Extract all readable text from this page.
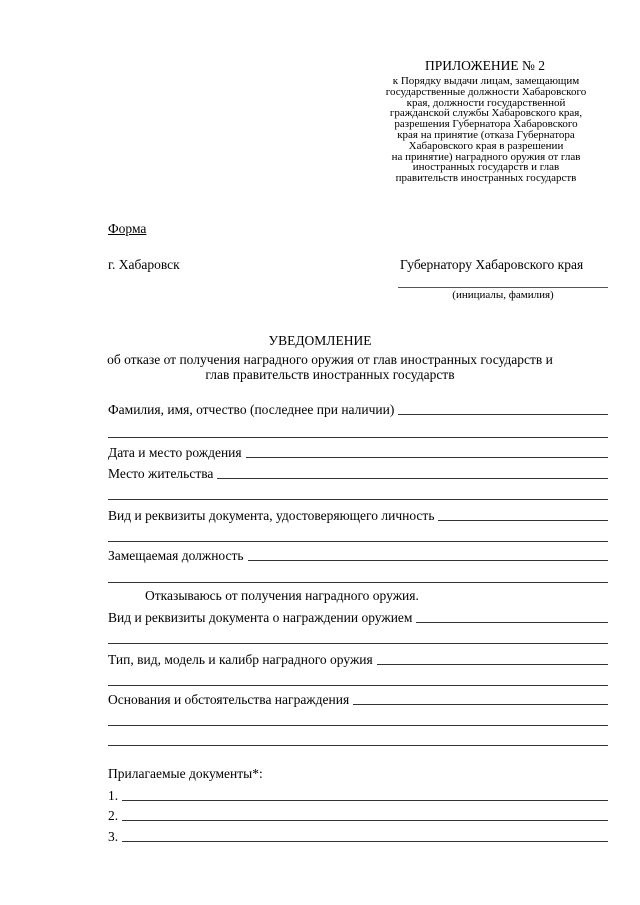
ПРИЛОЖЕНИЕ № 2
к Порядку выдачи лицам, замещающим
государственные должности Хабаровского
края, должности государственной
гражданской службы Хабаровского края,
разрешения Губернатора Хабаровского
края на принятие (отказа Губернатора
Хабаровского края в разрешении
на принятие) наградного оружия от глав
иностранных государств и глав
правительств иностранных государств
Форма
г. Хабаровск	Губернатору Хабаровского края
(инициалы, фамилия)
УВЕДОМЛЕНИЕ
об отказе от получения наградного оружия от глав иностранных государств и глав правительств иностранных государств
Фамилия, имя, отчество (последнее при наличии)
Дата и место рождения
Место жительства
Вид и реквизиты документа, удостоверяющего личность
Замещаемая должность
Отказываюсь от получения наградного оружия.
Вид и реквизиты документа о награждении оружием
Тип, вид, модель и калибр наградного оружия
Основания и обстоятельства награждения
Прилагаемые документы*:
1.
2.
3.
